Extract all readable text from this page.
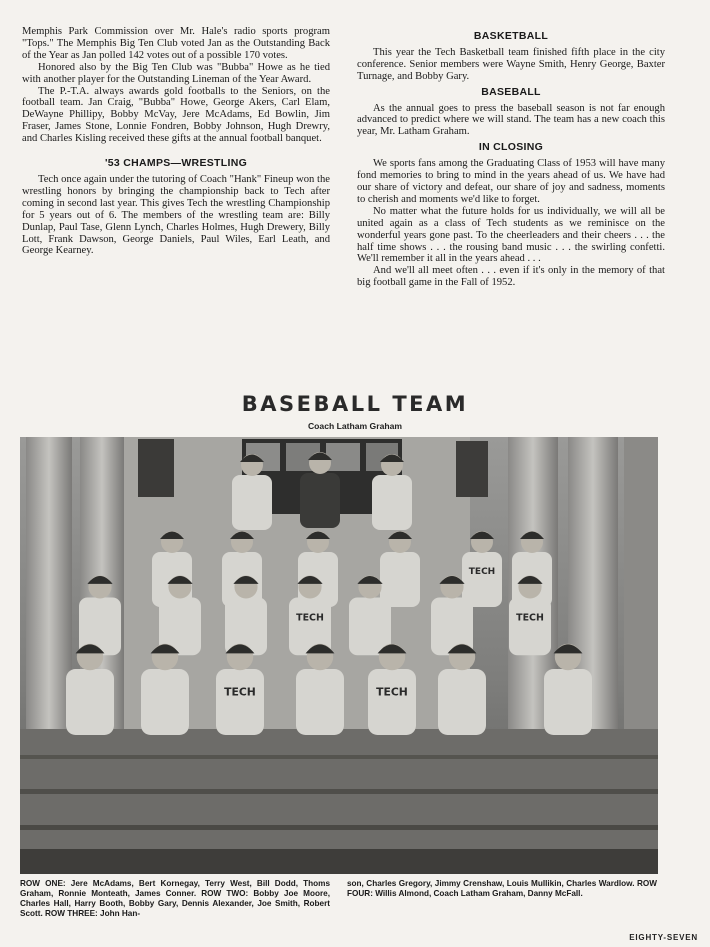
Memphis Park Commission over Mr. Hale's radio sports program "Tops." The Memphis Big Ten Club voted Jan as the Outstanding Back of the Year as Jan polled 142 votes out of a possible 170 votes.

Honored also by the Big Ten Club was "Bubba" Howe as he tied with another player for the Outstanding Lineman of the Year Award.

The P.-T.A. always awards gold footballs to the Seniors, on the football team. Jan Craig, "Bubba" Howe, George Akers, Carl Elam, DeWayne Phillipy, Bobby McVay, Jere McAdams, Ed Bowlin, Jim Fraser, James Stone, Lonnie Fondren, Bobby Johnson, Hugh Drewry, and Charles Kisling received these gifts at the annual football banquet.

'53 CHAMPS—WRESTLING

Tech once again under the tutoring of Coach "Hank" Fineup won the wrestling honors by bringing the championship back to Tech after coming in second last year. This gives Tech the wrestling Championship for 5 years out of 6. The members of the wrestling team are: Billy Dunlap, Paul Tase, Glenn Lynch, Charles Holmes, Hugh Drewery, Billy Lott, Frank Dawson, George Daniels, Paul Wiles, Earl Leath, and George Kearney.

BASKETBALL

This year the Tech Basketball team finished fifth place in the city conference. Senior members were Wayne Smith, Henry George, Baxter Turnage, and Bobby Gary.

BASEBALL

As the annual goes to press the baseball season is not far enough advanced to predict where we will stand. The team has a new coach this year, Mr. Latham Graham.

IN CLOSING

We sports fans among the Graduating Class of 1953 will have many fond memories to bring to mind in the years ahead of us. We have had our share of victory and defeat, our share of joy and sadness, moments to cherish and moments we'd like to forget.

No matter what the future holds for us individually, we will all be united again as a class of Tech students as we reminisce on the wonderful years gone past. To the cheerleaders and their cheers . . . the half time shows . . . the rousing band music . . . the swirling confetti. We'll remember it all in the years ahead . . .

And we'll all meet often . . . even if it's only in the memory of that big football game in the Fall of 1952.

BASEBALL TEAM
Coach Latham Graham
TECH
TECH	TECH
TECH	TECH
ROW ONE: Jere McAdams, Bert Kornegay, Terry West, Bill Dodd, Thoms Graham, Ronnie Monteath, James Conner. ROW TWO: Bobby Joe Moore, Charles Hall, Harry Booth, Bobby Gary, Dennis Alexander, Joe Smith, Robert Scott. ROW THREE: John Han-
son, Charles Gregory, Jimmy Crenshaw, Louis Mullikin, Charles Wardlow. ROW FOUR: Willis Almond, Coach Latham Graham, Danny McFall.
EIGHTY-SEVEN
